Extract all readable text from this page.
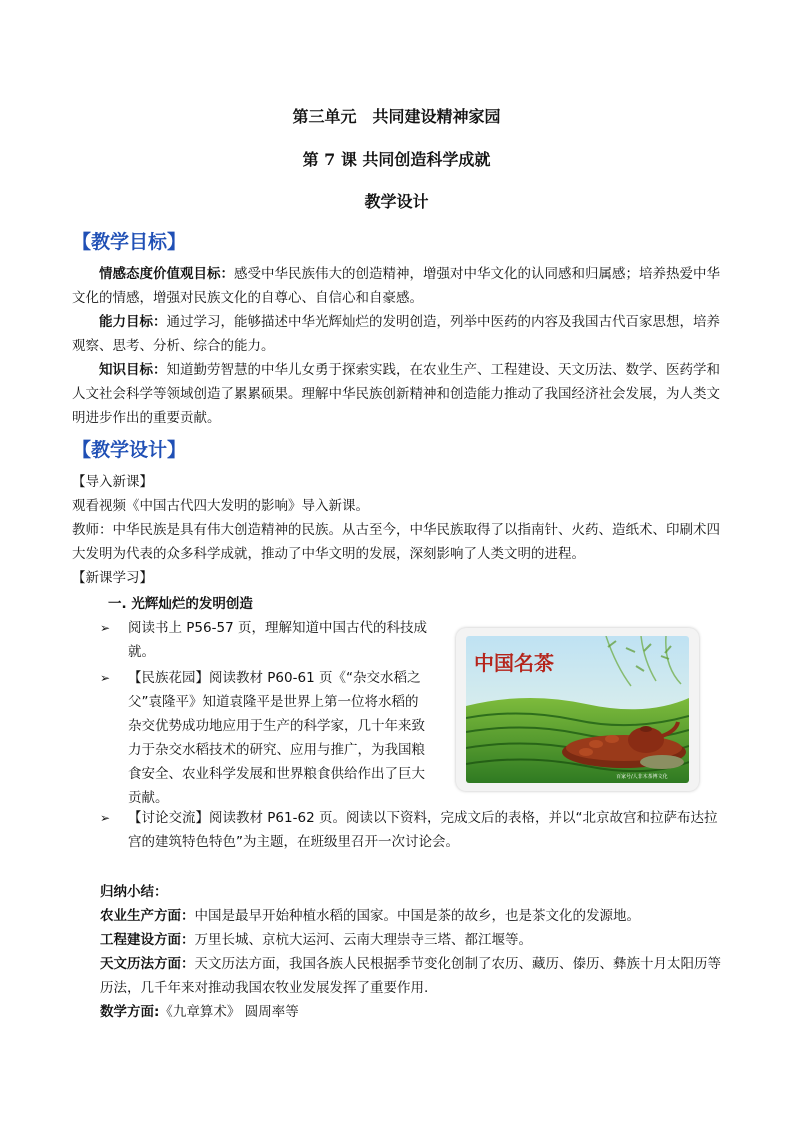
第三单元　共同建设精神家园
第 7 课 共同创造科学成就
教学设计
【教学目标】
情感态度价值观目标：感受中华民族伟大的创造精神，增强对中华文化的认同感和归属感；培养热爱中华文化的情感，增强对民族文化的自尊心、自信心和自豪感。
能力目标：通过学习，能够描述中华光辉灿烂的发明创造，列举中医药的内容及我国古代百家思想，培养观察、思考、分析、综合的能力。
知识目标：知道勤劳智慧的中华儿女勇于探索实践，在农业生产、工程建设、天文历法、数学、医药学和人文社会科学等领域创造了累累硕果。理解中华民族创新精神和创造能力推动了我国经济社会发展，为人类文明进步作出的重要贡献。
【教学设计】
【导入新课】
观看视频《中国古代四大发明的影响》导入新课。
教师：中华民族是具有伟大创造精神的民族。从古至今，中华民族取得了以指南针、火药、造纸术、印刷术四大发明为代表的众多科学成就，推动了中华文明的发展，深刻影响了人类文明的进程。
【新课学习】
一. 光辉灿烂的发明创造
➢ 阅读书上 P56-57 页，理解知道中国古代的科技成就。
➢ 【民族花园】阅读教材 P60-61 页《“杂交水稻之父”袁隆平》知道袁隆平是世界上第一位将水稻的杂交优势成功地应用于生产的科学家，几十年来致力于杂交水稻技术的研究、应用与推广，为我国粮食安全、农业科学发展和世界粮食供给作出了巨大贡献。
➢ 【讨论交流】阅读教材 P61-62 页。阅读以下资料，完成文后的表格，并以“北京故宫和拉萨布达拉宫的建筑特色特色”为主题，在班级里召开一次讨论会。
归纳小结：
农业生产方面：中国是最早开始种植水稻的国家。中国是茶的故乡，也是茶文化的发源地。
工程建设方面：万里长城、京杭大运河、云南大理崇寺三塔、都江堰等。
天文历法方面：天文历法方面，我国各族人民根据季节变化创制了农历、藏历、傣历、彝族十月太阳历等历法，几千年来对推动我国农牧业发展发挥了重要作用.
数学方面:《九章算术》 圆周率等
中国名茶
百家号/人非木茶博文化
